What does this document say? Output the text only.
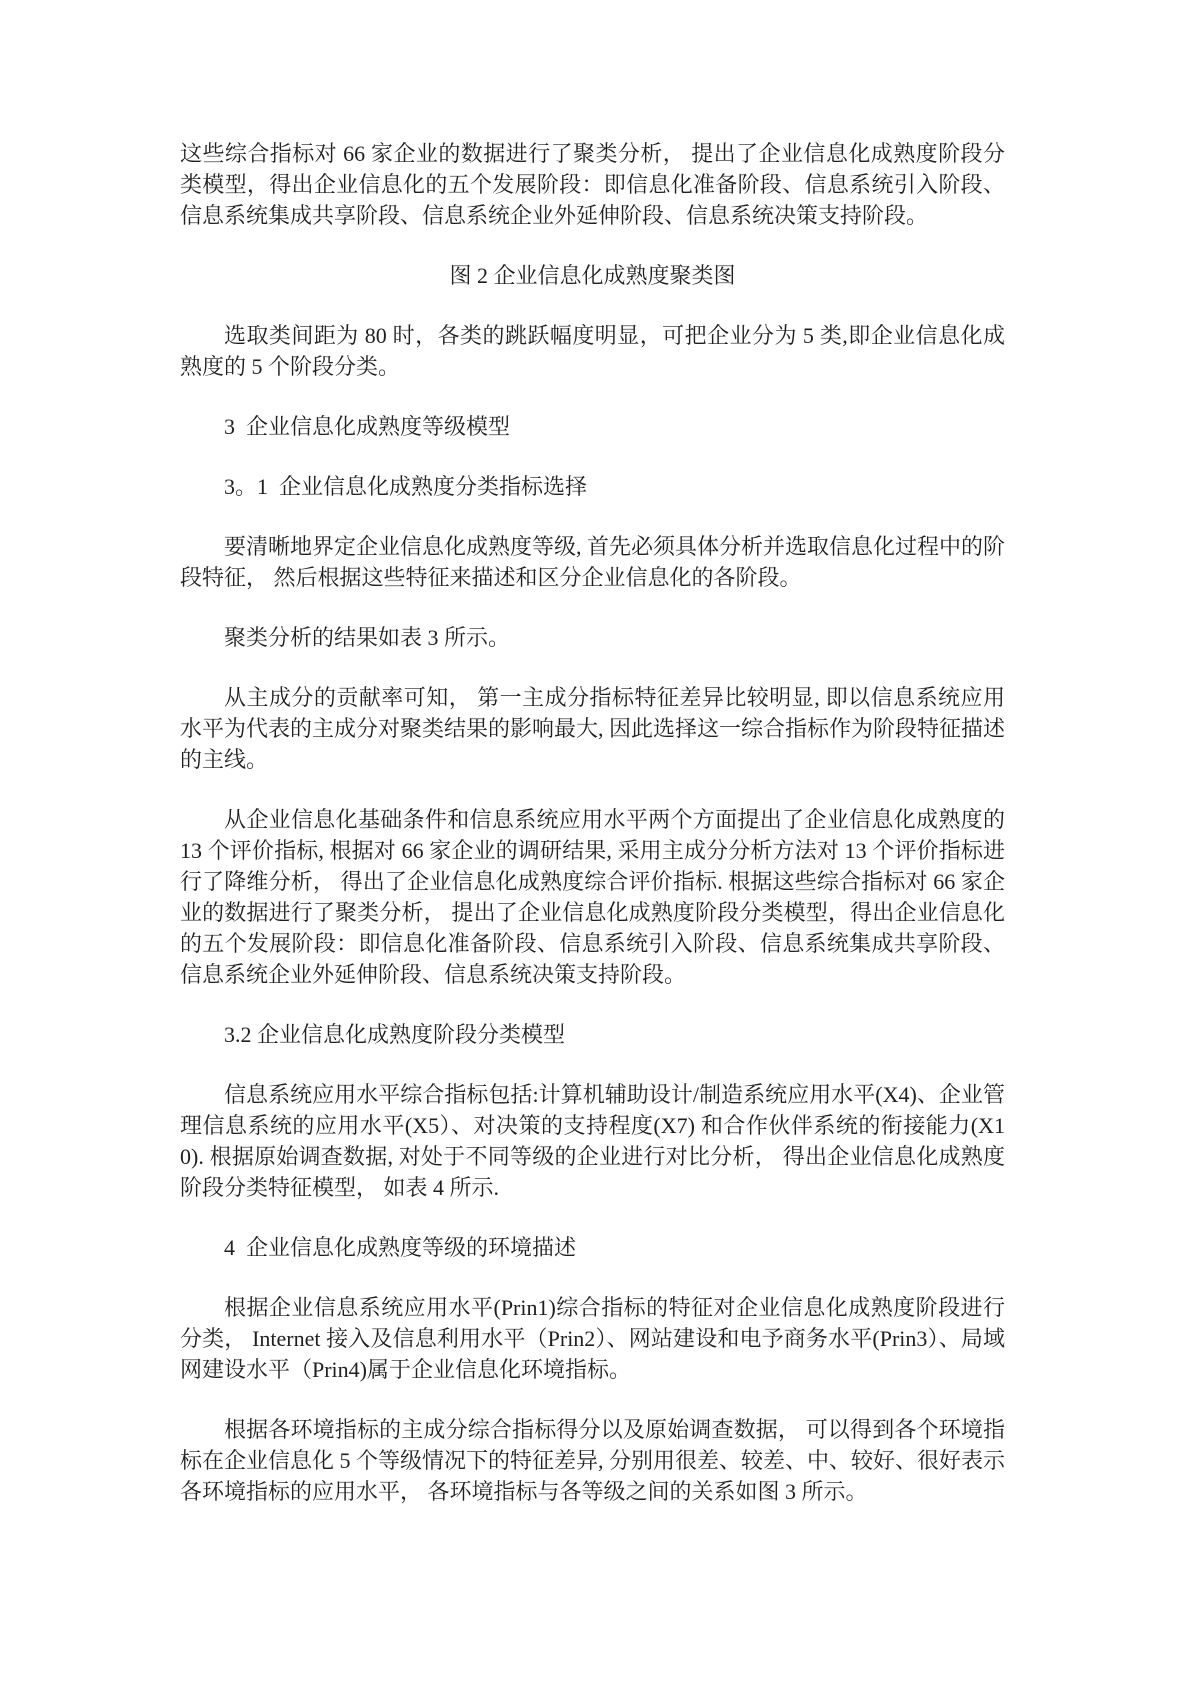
这些综合指标对 66 家企业的数据进行了聚类分析， 提出了企业信息化成熟度阶段分类模型，得出企业信息化的五个发展阶段：即信息化准备阶段、信息系统引入阶段、信息系统集成共享阶段、信息系统企业外延伸阶段、信息系统决策支持阶段。

图 2 企业信息化成熟度聚类图

选取类间距为 80 时，各类的跳跃幅度明显，可把企业分为 5 类,即企业信息化成熟度的 5 个阶段分类。

3  企业信息化成熟度等级模型

3。1  企业信息化成熟度分类指标选择

要清晰地界定企业信息化成熟度等级, 首先必须具体分析并选取信息化过程中的阶段特征， 然后根据这些特征来描述和区分企业信息化的各阶段。

聚类分析的结果如表 3 所示。

从主成分的贡献率可知， 第一主成分指标特征差异比较明显, 即以信息系统应用水平为代表的主成分对聚类结果的影响最大, 因此选择这一综合指标作为阶段特征描述的主线。

从企业信息化基础条件和信息系统应用水平两个方面提出了企业信息化成熟度的 13 个评价指标, 根据对 66 家企业的调研结果, 采用主成分分析方法对 13 个评价指标进行了降维分析， 得出了企业信息化成熟度综合评价指标. 根据这些综合指标对 66 家企业的数据进行了聚类分析， 提出了企业信息化成熟度阶段分类模型，得出企业信息化的五个发展阶段：即信息化准备阶段、信息系统引入阶段、信息系统集成共享阶段、信息系统企业外延伸阶段、信息系统决策支持阶段。

3.2 企业信息化成熟度阶段分类模型

信息系统应用水平综合指标包括:计算机辅助设计/制造系统应用水平(X4)、企业管理信息系统的应用水平(X5）、对决策的支持程度(X7) 和合作伙伴系统的衔接能力(X10). 根据原始调查数据, 对处于不同等级的企业进行对比分析， 得出企业信息化成熟度阶段分类特征模型， 如表 4 所示.

4  企业信息化成熟度等级的环境描述

根据企业信息系统应用水平(Prin1)综合指标的特征对企业信息化成熟度阶段进行分类， Internet 接入及信息利用水平（Prin2）、网站建设和电予商务水平(Prin3）、局域网建设水平（Prin4)属于企业信息化环境指标。

根据各环境指标的主成分综合指标得分以及原始调查数据， 可以得到各个环境指标在企业信息化 5 个等级情况下的特征差异, 分别用很差、较差、中、较好、很好表示各环境指标的应用水平， 各环境指标与各等级之间的关系如图 3 所示。
